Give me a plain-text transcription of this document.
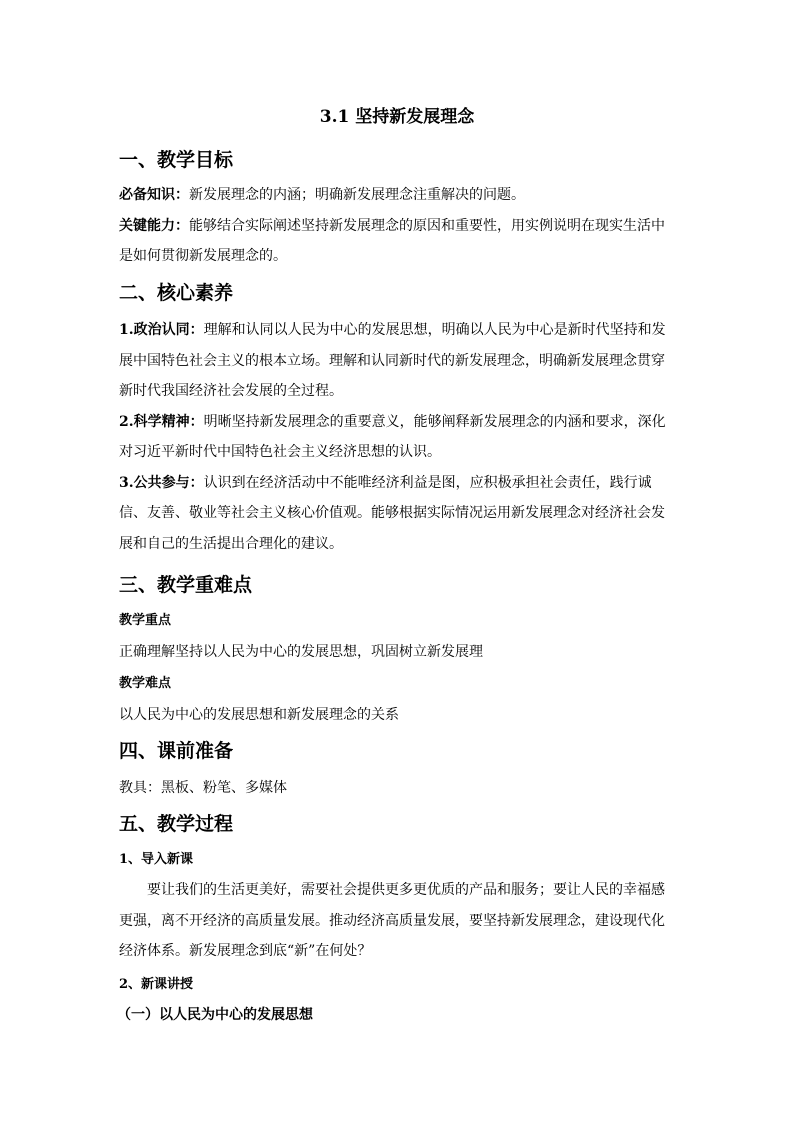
3.1 坚持新发展理念
一、教学目标
必备知识：新发展理念的内涵；明确新发展理念注重解决的问题。
关键能力：能够结合实际阐述坚持新发展理念的原因和重要性，用实例说明在现实生活中
是如何贯彻新发展理念的。
二、核心素养
1.政治认同：理解和认同以人民为中心的发展思想，明确以人民为中心是新时代坚持和发
展中国特色社会主义的根本立场。理解和认同新时代的新发展理念，明确新发展理念贯穿
新时代我国经济社会发展的全过程。
2.科学精神：明晰坚持新发展理念的重要意义，能够阐释新发展理念的内涵和要求，深化
对习近平新时代中国特色社会主义经济思想的认识。
3.公共参与：认识到在经济活动中不能唯经济利益是图，应积极承担社会责任，践行诚
信、友善、敬业等社会主义核心价值观。能够根据实际情况运用新发展理念对经济社会发
展和自己的生活提出合理化的建议。
三、教学重难点
教学重点
正确理解坚持以人民为中心的发展思想，巩固树立新发展理
教学难点
以人民为中心的发展思想和新发展理念的关系
四、课前准备
教具：黑板、粉笔、多媒体
五、教学过程
1、导入新课
要让我们的生活更美好，需要社会提供更多更优质的产品和服务；要让人民的幸福感
更强，离不开经济的高质量发展。推动经济高质量发展，要坚持新发展理念，建设现代化
经济体系。新发展理念到底“新”在何处？
2、新课讲授
（一）以人民为中心的发展思想
